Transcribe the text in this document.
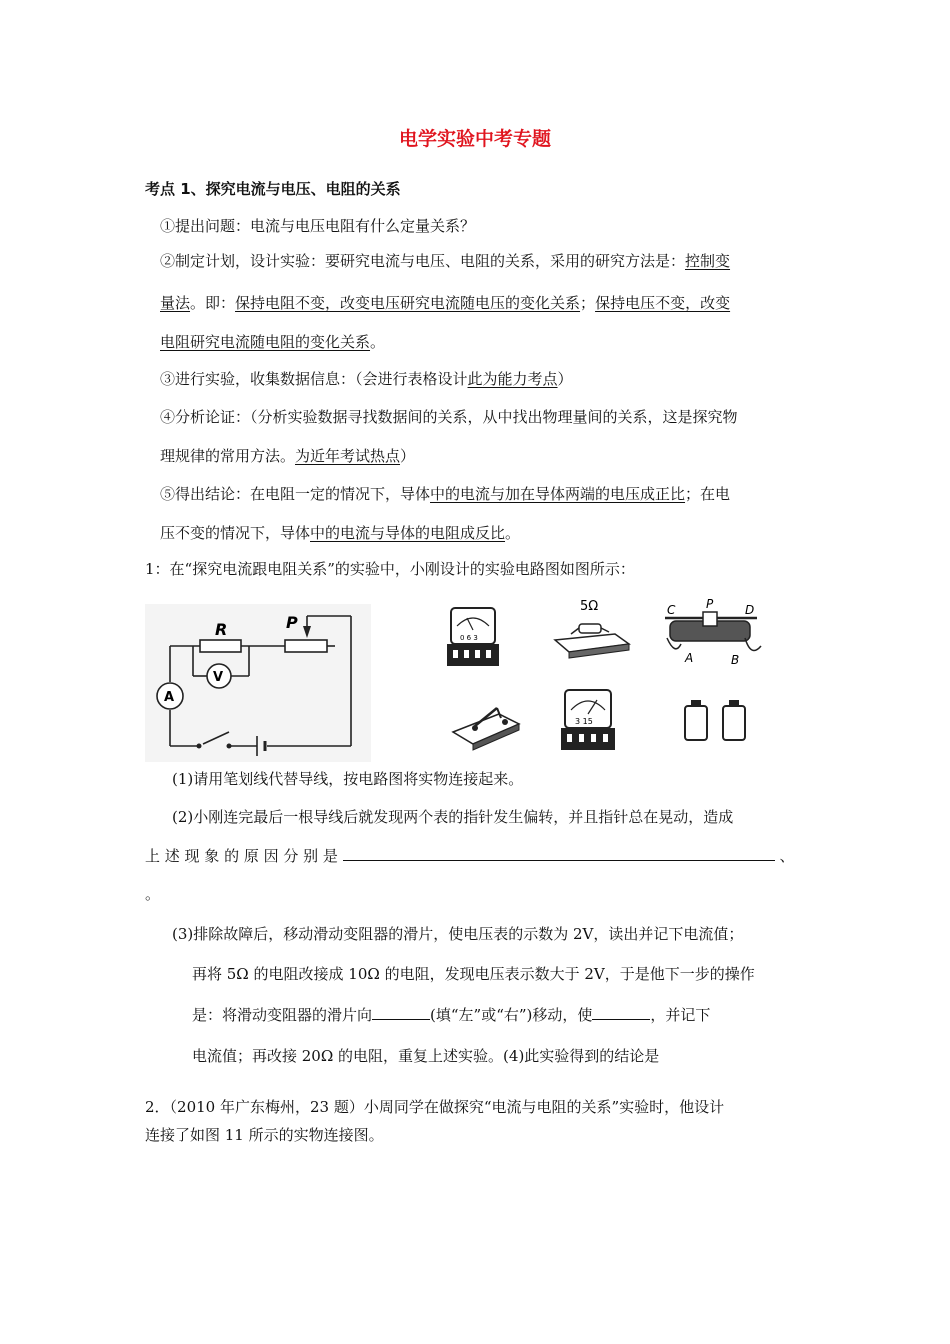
电学实验中考专题
考点 1、探究电流与电压、电阻的关系
①提出问题：电流与电压电阻有什么定量关系？
②制定计划，设计实验：要研究电流与电压、电阻的关系，采用的研究方法是：控制变
量法。即：保持电阻不变，改变电压研究电流随电压的变化关系；保持电压不变，改变
电阻研究电流随电阻的变化关系。
③进行实验，收集数据信息：（会进行表格设计此为能力考点）
④分析论证：（分析实验数据寻找数据间的关系，从中找出物理量间的关系，这是探究物
理规律的常用方法。为近年考试热点）
⑤得出结论：在电阻一定的情况下，导体中的电流与加在导体两端的电压成正比；在电
压不变的情况下，导体中的电流与导体的电阻成反比。
1：在“探究电流跟电阻关系”的实验中，小刚设计的实验电路图如图所示：
R	P
V
A
0 6 3
5Ω	C	P	D
A	B
3 15
(1)请用笔划线代替导线，按电路图将实物连接起来。
(2)小刚连完最后一根导线后就发现两个表的指针发生偏转，并且指针总在晃动，造成
上 述 现 象 的 原 因 分 别 是	、
。
(3)排除故障后，移动滑动变阻器的滑片，使电压表的示数为 2V，读出并记下电流值；
再将 5Ω 的电阻改接成 10Ω 的电阻，发现电压表示数大于 2V，于是他下一步的操作
是：将滑动变阻器的滑片向	(填“左”或“右”)移动，使	，并记下
电流值；再改接 20Ω 的电阻，重复上述实验。(4)此实验得到的结论是
2．（2010 年广东梅州，23 题）小周同学在做探究“电流与电阻的关系”实验时，他设计
连接了如图 11 所示的实物连接图。
